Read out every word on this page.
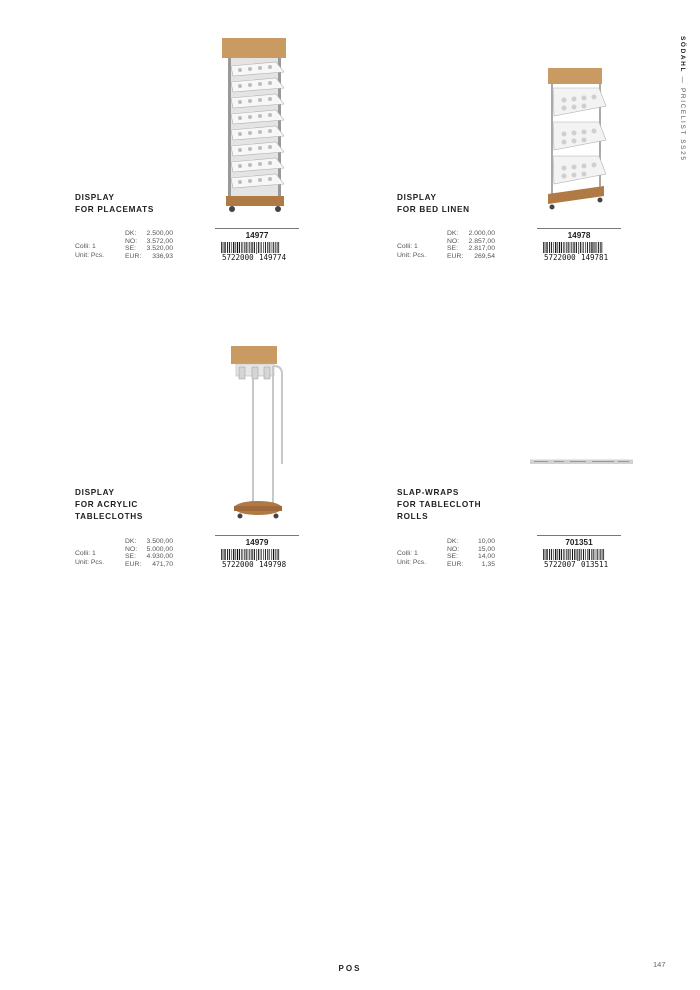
SÖDAHL — PRICELIST SS25
DISPLAY
FOR PLACEMATS
Colli: 1
Unit: Pcs.
DK:	2.500,00
NO:	3.572,00
SE:	3.520,00
EUR:	336,93
14977
5722000 149774
DISPLAY
FOR BED LINEN
Colli: 1
Unit: Pcs.
DK:	2.000,00
NO:	2.857,00
SE:	2.817,00
EUR:	269,54
14978
5722000 149781
DISPLAY
FOR ACRYLIC
TABLECLOTHS
Colli: 1
Unit: Pcs.
DK:	3.500,00
NO:	5.000,00
SE:	4.930,00
EUR:	471,70
14979
5722000 149798
SLAP-WRAPS
FOR TABLECLOTH
ROLLS
Colli: 1
Unit: Pcs.
DK:	10,00
NO:	15,00
SE:	14,00
EUR:	1,35
701351
5722007 013511
POS	147
